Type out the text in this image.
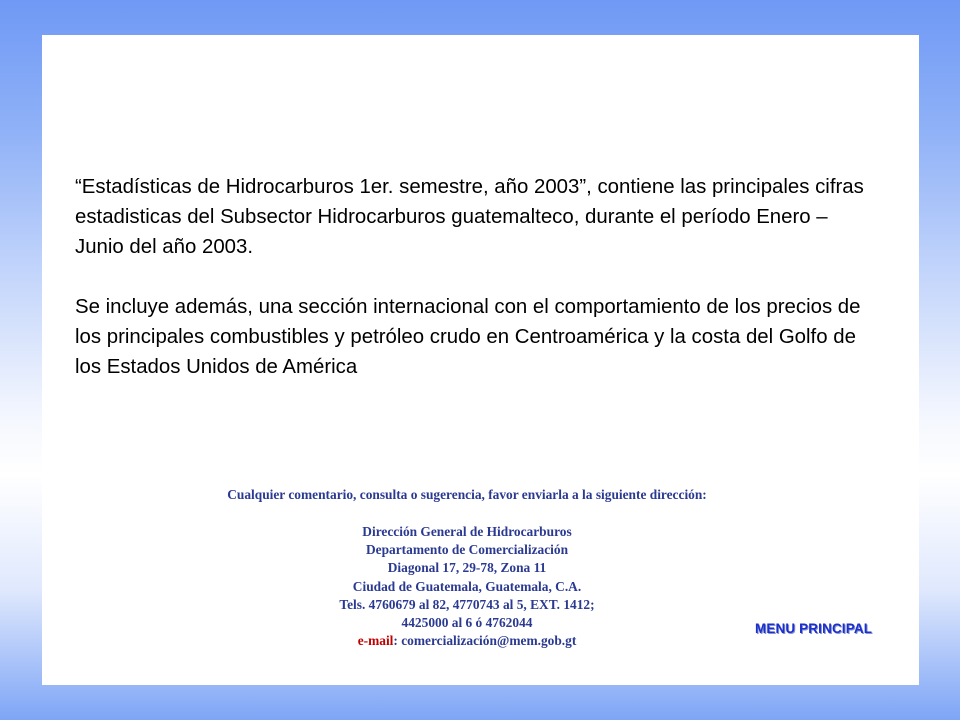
“Estadísticas de Hidrocarburos 1er. semestre, año 2003”, contiene las principales cifras estadisticas del Subsector Hidrocarburos guatemalteco, durante el período Enero – Junio del año 2003.

Se incluye además, una sección internacional con el comportamiento de los precios de los principales combustibles y petróleo crudo en Centroamérica y la costa del Golfo de los Estados Unidos de América

Cualquier comentario, consulta o sugerencia, favor enviarla a la siguiente dirección:
Dirección General de Hidrocarburos
Departamento de Comercialización
Diagonal 17, 29-78, Zona 11
Ciudad de Guatemala, Guatemala, C.A.
Tels. 4760679 al 82, 4770743 al 5, EXT. 1412;
4425000 al 6 ó 4762044
e-mail: comercialización@mem.gob.gt
MENU PRINCIPAL
